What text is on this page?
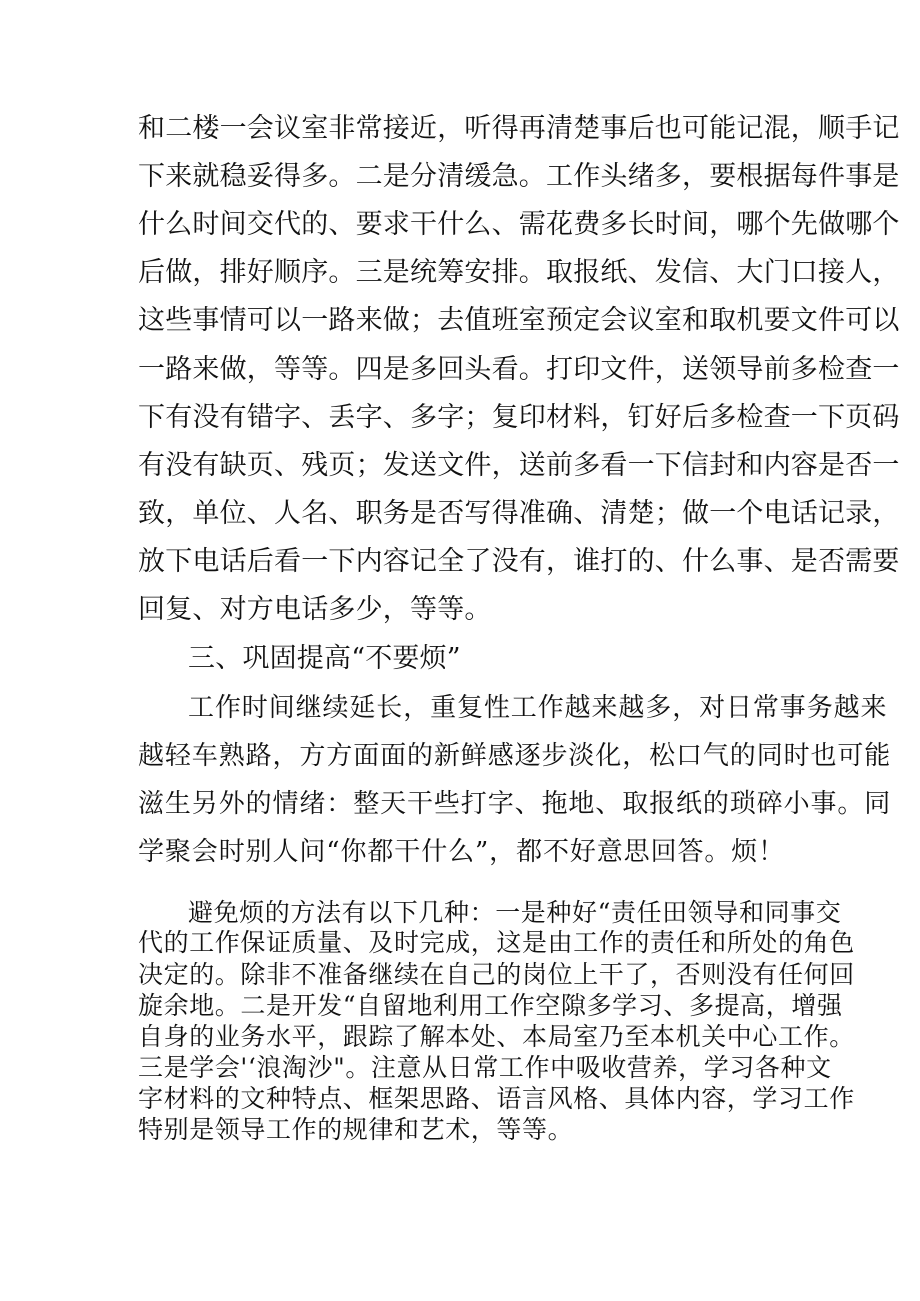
和二楼一会议室非常接近，听得再清楚事后也可能记混，顺手记
下来就稳妥得多。二是分清缓急。工作头绪多，要根据每件事是
什么时间交代的、要求干什么、需花费多长时间，哪个先做哪个
后做，排好顺序。三是统筹安排。取报纸、发信、大门口接人，
这些事情可以一路来做；去值班室预定会议室和取机要文件可以
一路来做，等等。四是多回头看。打印文件，送领导前多检查一
下有没有错字、丢字、多字；复印材料，钉好后多检查一下页码
有没有缺页、残页；发送文件，送前多看一下信封和内容是否一
致，单位、人名、职务是否写得准确、清楚；做一个电话记录，
放下电话后看一下内容记全了没有，谁打的、什么事、是否需要
回复、对方电话多少，等等。
三、巩固提高“不要烦”
工作时间继续延长，重复性工作越来越多，对日常事务越来
越轻车熟路，方方面面的新鲜感逐步淡化，松口气的同时也可能
滋生另外的情绪：整天干些打字、拖地、取报纸的琐碎小事。同
学聚会时别人问“你都干什么”，都不好意思回答。烦！
避免烦的方法有以下几种：一是种好“责任田领导和同事交
代的工作保证质量、及时完成，这是由工作的责任和所处的角色
决定的。除非不准备继续在自己的岗位上干了，否则没有任何回
旋余地。二是开发“自留地利用工作空隙多学习、多提高，增强
自身的业务水平，跟踪了解本处、本局室乃至本机关中心工作。
三是学会'‘浪淘沙"。注意从日常工作中吸收营养，学习各种文
字材料的文种特点、框架思路、语言风格、具体内容，学习工作
特别是领导工作的规律和艺术，等等。
